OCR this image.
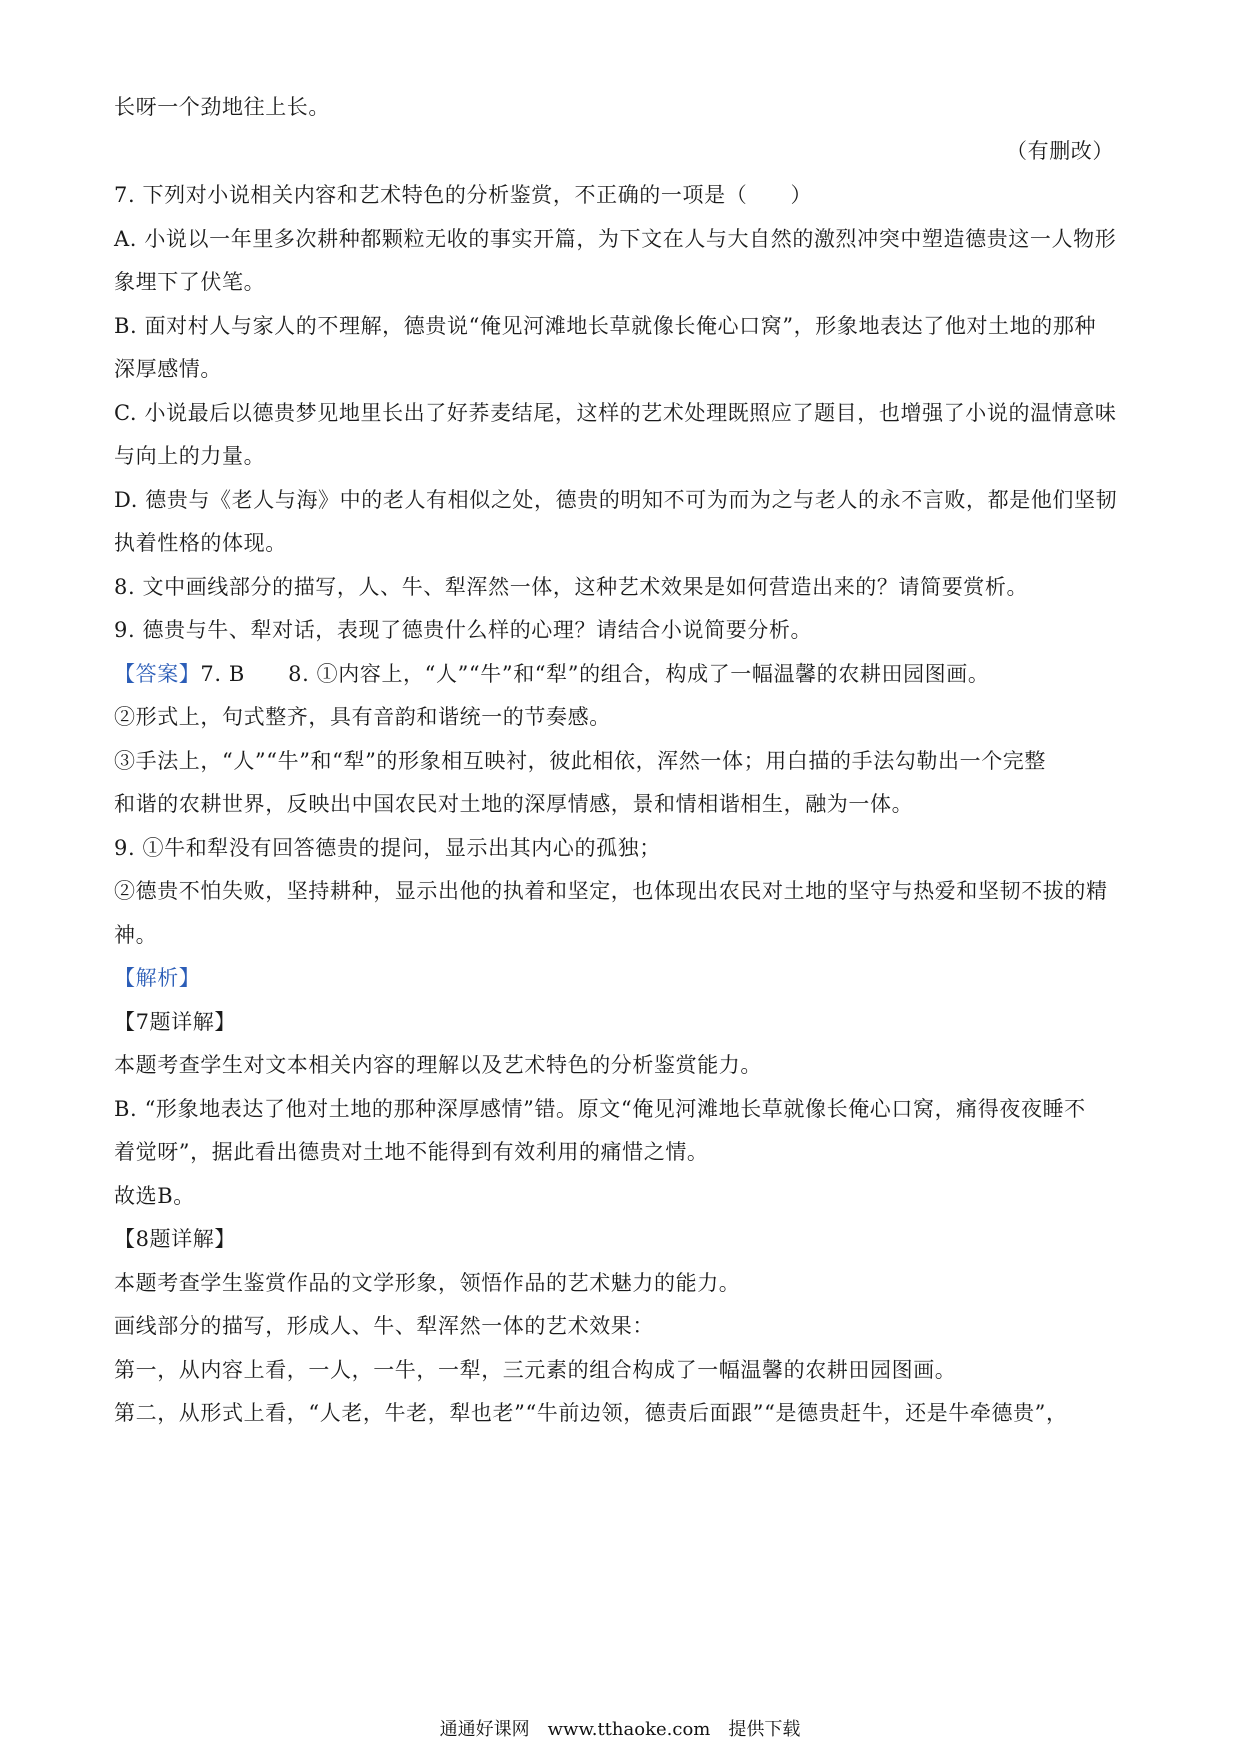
长呀一个劲地往上长。
（有删改）
7. 下列对小说相关内容和艺术特色的分析鉴赏，不正确的一项是（　　）
A. 小说以一年里多次耕种都颗粒无收的事实开篇，为下文在人与大自然的激烈冲突中塑造德贵这一人物形
象埋下了伏笔。
B. 面对村人与家人的不理解，德贵说“俺见河滩地长草就像长俺心口窝”，形象地表达了他对土地的那种
深厚感情。
C. 小说最后以德贵梦见地里长出了好荞麦结尾，这样的艺术处理既照应了题目，也增强了小说的温情意味
与向上的力量。
D. 德贵与《老人与海》中的老人有相似之处，德贵的明知不可为而为之与老人的永不言败，都是他们坚韧
执着性格的体现。
8. 文中画线部分的描写，人、牛、犁浑然一体，这种艺术效果是如何营造出来的？请简要赏析。
9. 德贵与牛、犁对话，表现了德贵什么样的心理？请结合小说简要分析。
【答案】7. B　　8. ①内容上，“人”“牛”和“犁”的组合，构成了一幅温馨的农耕田园图画。
②形式上，句式整齐，具有音韵和谐统一的节奏感。
③手法上，“人”“牛”和“犁”的形象相互映衬，彼此相依，浑然一体；用白描的手法勾勒出一个完整
和谐的农耕世界，反映出中国农民对土地的深厚情感，景和情相谐相生，融为一体。
9. ①牛和犁没有回答德贵的提问，显示出其内心的孤独；
②德贵不怕失败，坚持耕种，显示出他的执着和坚定，也体现出农民对土地的坚守与热爱和坚韧不拔的精
神。
【解析】
【7题详解】
本题考查学生对文本相关内容的理解以及艺术特色的分析鉴赏能力。
B. “形象地表达了他对土地的那种深厚感情”错。原文“俺见河滩地长草就像长俺心口窝，痛得夜夜睡不
着觉呀”，据此看出德贵对土地不能得到有效利用的痛惜之情。
故选B。
【8题详解】
本题考查学生鉴赏作品的文学形象，领悟作品的艺术魅力的能力。
画线部分的描写，形成人、牛、犁浑然一体的艺术效果：
第一，从内容上看，一人，一牛，一犁，三元素的组合构成了一幅温馨的农耕田园图画。
第二，从形式上看，“人老，牛老，犁也老”“牛前边领，德责后面跟”“是德贵赶牛，还是牛牵德贵”，
通通好课网　www.tthaoke.com　提供下载
